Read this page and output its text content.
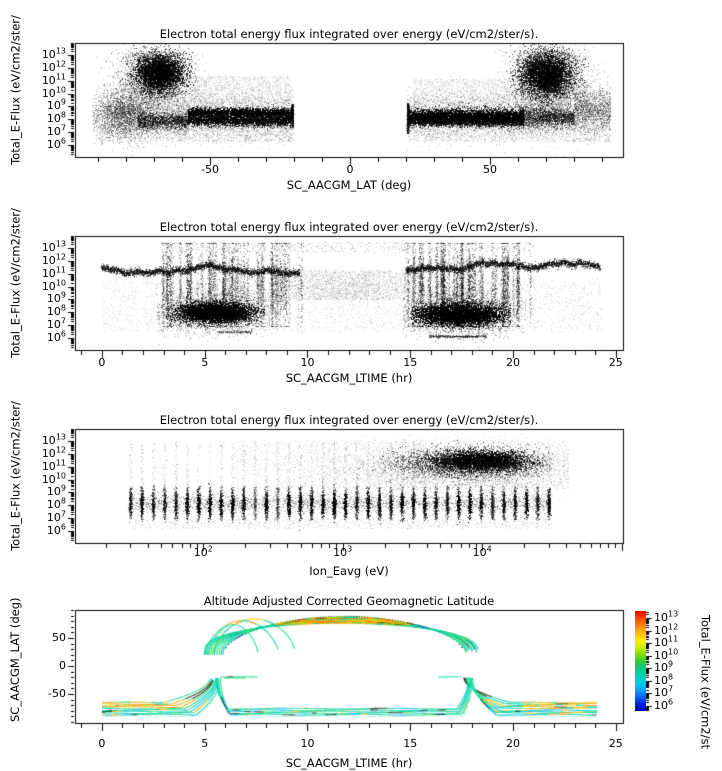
Electron total energy flux integrated over energy (eV/cm2/ster/s).
Electron total energy flux integrated over energy (eV/cm2/ster/s).
Electron total energy flux integrated over energy (eV/cm2/ster/s).
Altitude Adjusted Corrected Geomagnetic Latitude
SC_AACGM_LAT (deg)
SC_AACGM_LTIME (hr)
Ion_Eavg (eV)
SC_AACGM_LTIME (hr)
Total_E-Flux (eV/cm2/ster/
Total_E-Flux (eV/cm2/ster/
Total_E-Flux (eV/cm2/ster/
SC_AACGM_LAT (deg)	Total_E-Flux (eV/cm2/st
-50	0	50
$10^6$
$10^7$
$10^8$
$10^9$
$10^{10}$
$10^{11}$
$10^{12}$
$10^{13}$
0	5	10	15	20	25
$10^6$
$10^7$
$10^8$
$10^9$
$10^{10}$
$10^{11}$
$10^{12}$
$10^{13}$
$10^2$	$10^3$	$10^4$
$10^6$
$10^7$
$10^8$
$10^9$
$10^{10}$
$10^{11}$
$10^{12}$
$10^{13}$
0	5	10	15	20	25
-50
0
50
$10^6$
$10^7$
$10^8$
$10^9$
$10^{10}$
$10^{11}$
$10^{12}$
$10^{13}$
